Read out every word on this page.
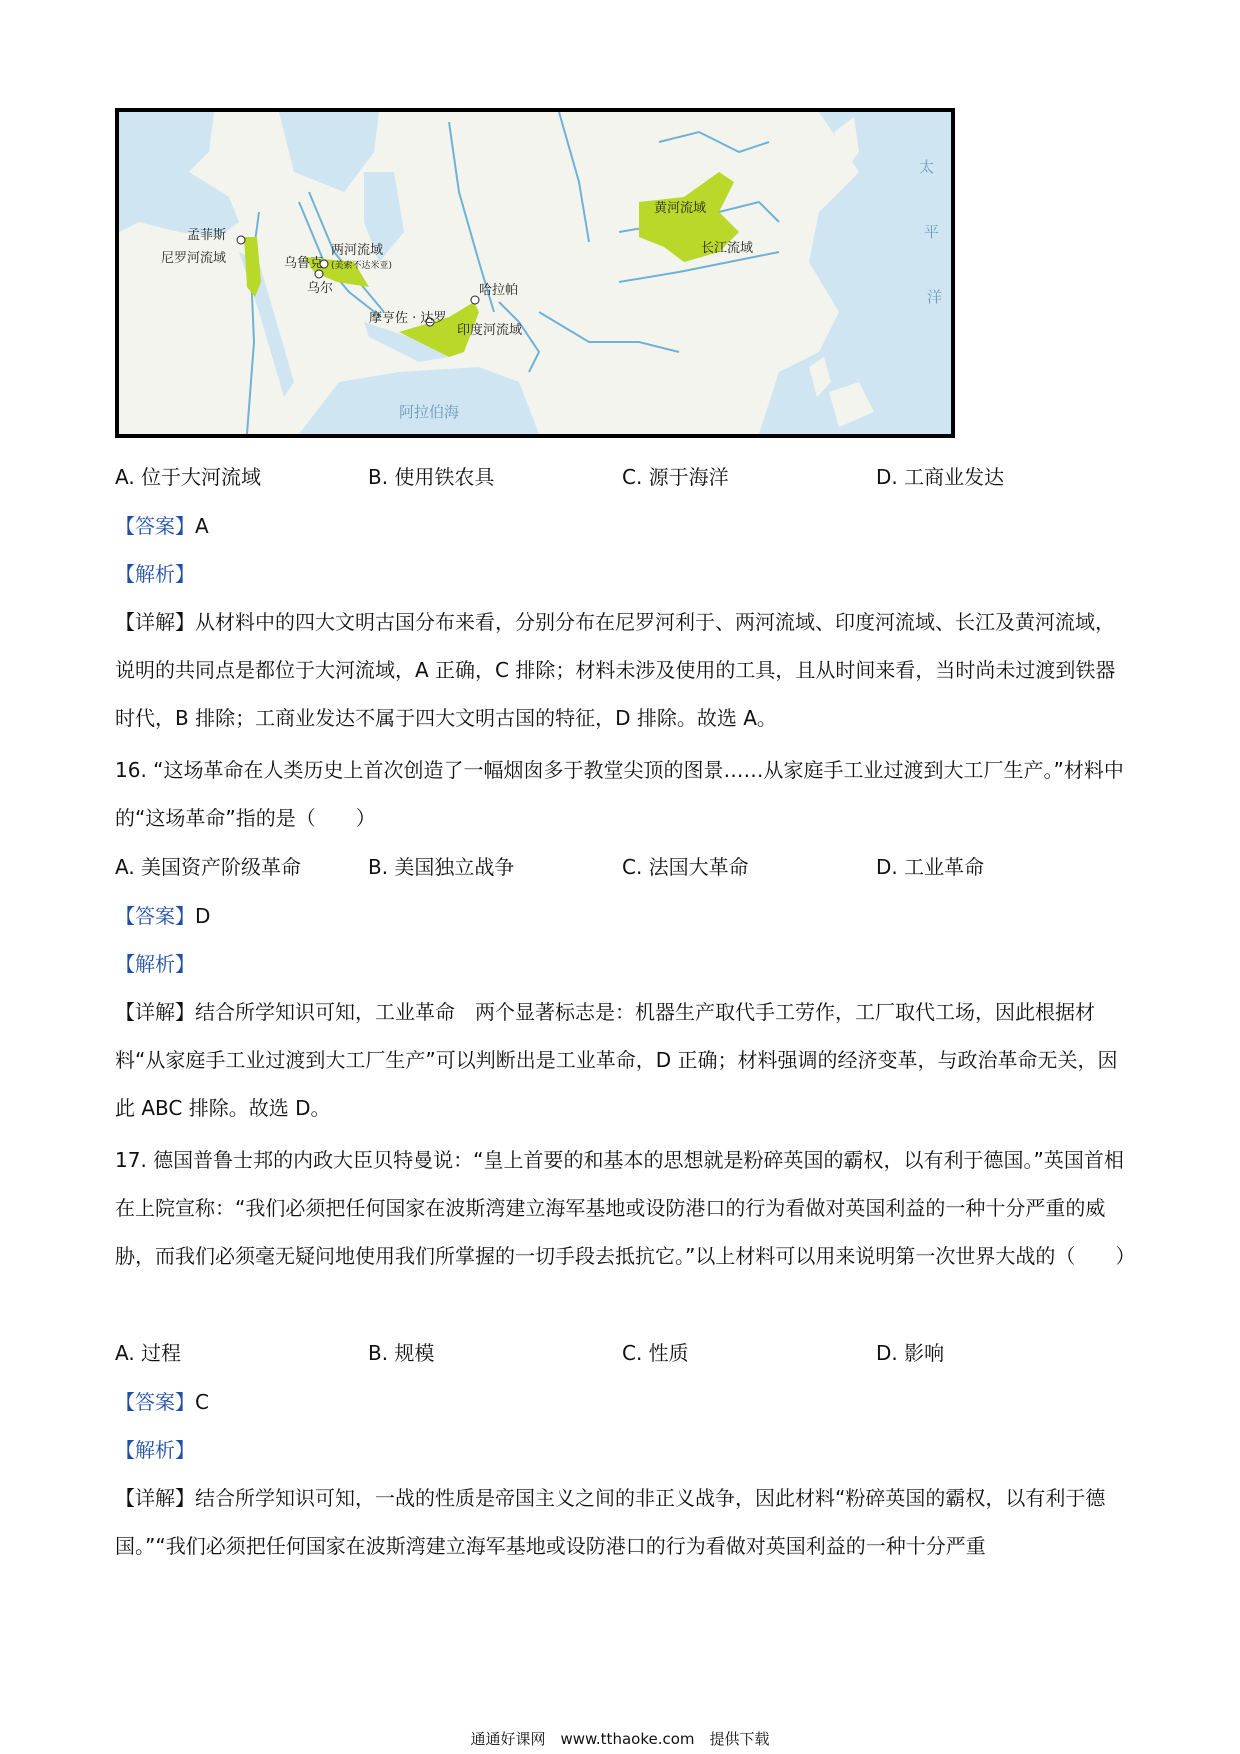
孟菲斯
尼罗河流域	乌鲁克
乌尔
两河流域
(美索不达米亚)
哈拉帕
摩亨佐 · 达罗
印度河流域
黄河流域
长江流域
阿拉伯海
太
平
洋
A. 位于大河流域	B. 使用铁农具	C. 源于海洋	D. 工商业发达
【答案】A
【解析】
【详解】从材料中的四大文明古国分布来看，分别分布在尼罗河利于、两河流域、印度河流域、长江及黄河流域，说明的共同点是都位于大河流域，A 正确，C 排除；材料未涉及使用的工具，且从时间来看，当时尚未过渡到铁器时代，B 排除；工商业发达不属于四大文明古国的特征，D 排除。故选 A。
16. “这场革命在人类历史上首次创造了一幅烟囱多于教堂尖顶的图景……从家庭手工业过渡到大工厂生产。”材料中的“这场革命”指的是（　　）
A. 美国资产阶级革命	B. 美国独立战争	C. 法国大革命	D. 工业革命
【答案】D
【解析】
【详解】结合所学知识可知，工业革命　两个显著标志是：机器生产取代手工劳作，工厂取代工场，因此根据材料“从家庭手工业过渡到大工厂生产”可以判断出是工业革命，D 正确；材料强调的经济变革，与政治革命无关，因此 ABC 排除。故选 D。
17. 德国普鲁士邦的内政大臣贝特曼说：“皇上首要的和基本的思想就是粉碎英国的霸权，以有利于德国。”英国首相在上院宣称：“我们必须把任何国家在波斯湾建立海军基地或设防港口的行为看做对英国利益的一种十分严重的威胁，而我们必须毫无疑问地使用我们所掌握的一切手段去抵抗它。”以上材料可以用来说明第一次世界大战的（　　）
A. 过程	B. 规模	C. 性质	D. 影响
【答案】C
【解析】
【详解】结合所学知识可知，一战的性质是帝国主义之间的非正义战争，因此材料“粉碎英国的霸权，以有利于德国。”“我们必须把任何国家在波斯湾建立海军基地或设防港口的行为看做对英国利益的一种十分严重
通通好课网　www.tthaoke.com　提供下载
